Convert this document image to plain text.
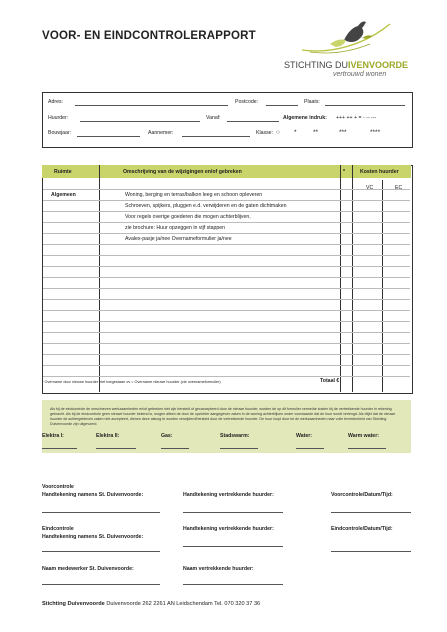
VOOR- EN EINDCONTROLERAPPORT
STICHTING DUIVENVOORDE
vertrouwd wonen
Adres:	Postcode:	Plaats:
Huurder:	Vanaf:	Algemene indruk: +++ ++ + = - -- ---
Bouwjaar:	Aannemer:	Klasse: ○ *	**	***	****
Ruimte	Omschrijving van de wijzigingen en/of gebreken	*	Kosten huurder
VC	EC
Algemeen	Woning, berging en terras/balkon leeg en schoon opleveren
Schroeven, spijkers, pluggen e.d. verwijderen en de gaten dichtmaken
Voor regels overige goederen die mogen achterblijven,
zie brochure: Huur opzeggen in vijf stappen
Avalex-pasje ja/nee Overnameformulier ja/nee
* Overname door nieuwe huurder niet toegestaan ov = Overname nieuwe huurder (zie overnameformulier)	Totaal €
Als bij de eindcontrole de omschreven werkzaamheden en/of gebreken niet zijn hersteld of gecaccepteerd door de nieuwe huurder, worden de op dit formulier vermelde kosten bij de vertrekkende huurder in rekening gebracht. Als bij de eindcontrole geen nieuwe huurder bekend is, mogen alleen de door de opzichter aangegeven zaken in de woning achterblijven onder voorwaarde dat de huur wordt verlengd. Als blijkt dat de nieuwe huurder de achtergebleven zaken niet accepteert, dienen deze alsnog te worden verwijderd/hersteld door de vertrekkende huurder. De huur loopt door tot de werkzaamheden naar volle tevredenheid van Stichting Duivenvoorde zijn uitgevoerd.
Elektra I:	Elektra II:	Gas:	Stadswarm:	Water:	Warm water:
Voorcontrole
Handtekening namens St. Duivenvoorde:	Handtekening vertrekkende huurder:	Voorcontrole/Datum/Tijd:
Eindcontrole
Handtekening namens St. Duivenvoorde:
Handtekening vertrekkende huurder:	Eindcontrole/Datum/Tijd:
Naam medewerker St. Duivenvoorde:	Naam vertrekkende huurder:
Stichting Duivenvoorde Duivenvoorde 262 2261 AN Leidschendam Tel. 070 320 37 36
